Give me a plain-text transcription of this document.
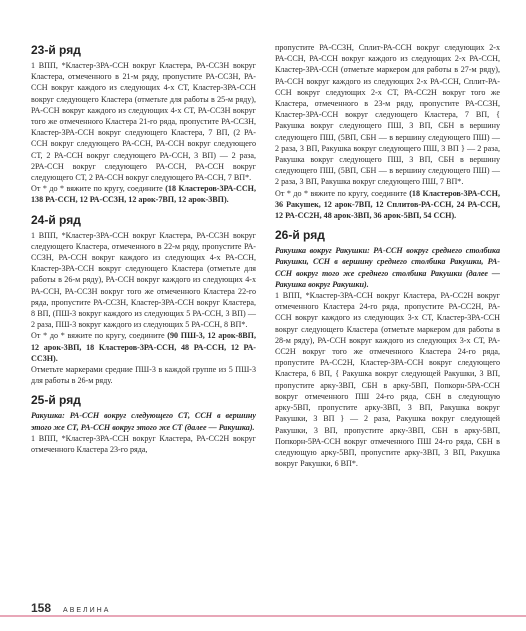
23-й ряд

1 ВПП, *Кластер-3РА-ССН вокруг Кластера, РА-СС3Н вокруг Кластера, отмеченного в 21-м ряду, пропустите РА-ССЗН, РА-ССН вокруг каждого из следующих 4-х СТ, Кластер-3РА-ССН вокруг следующего Кластера (отметьте для работы в 25-м ряду), РА-ССН вокруг каждого из следующих 4-х СТ, РА-СС3Н вокруг того же отмеченного Кластера 21-го ряда, пропустите РА-ССЗН, Кластер-3РА-ССН вокруг следующего Кластера, 7 ВП, (2 РА-ССН вокруг следующего РА-ССН, РА-ССН вокруг следующего СТ, 2 РА-ССН вокруг следующего РА-ССН, 3 ВП) — 2 раза, 2РА-ССН вокруг следующего РА-ССН, РА-ССН вокруг следующего СТ, 2 РА-ССН вокруг следующего РА-ССН, 7 ВП*.

От * до * вяжите по кругу, соедините (18 Кластеров-3РА-ССН, 138 РА-ССН, 12 РА-СС3Н, 12 арок-7ВП, 12 арок-3ВП).

24-й ряд

1 ВПП, *Кластер-3РА-ССН вокруг Кластера, РА-СС3Н вокруг следующего Кластера, отмеченного в 22-м ряду, пропустите РА-ССЗН, РА-ССН вокруг каждого из следующих 4-х РА-ССН, Кластер-3РА-ССН вокруг следующего Кластера (отметьте для работы в 26-м ряду), РА-ССН вокруг каждого из следующих 4-х РА-ССН, РА-СС3Н вокруг того же отмеченного Кластера 22-го ряда, пропустите РА-ССЗН, Кластер-3РА-ССН вокруг Кластера, 8 ВП, (ПШ-3 вокруг каждого из следующих 5 РА-ССН, 3 ВП) — 2 раза, ПШ-3 вокруг каждого из следующих 5 РА-ССН, 8 ВП*.

От * до * вяжите по кругу, соедините (90 ПШ-3, 12 арок-8ВП, 12 арок-3ВП, 18 Кластеров-3РА-ССН, 48 РА-ССН, 12 РА-СС3Н).

Отметьте маркерами средние ПШ-3 в каждой группе из 5 ПШ-3 для работы в 26-м ряду.

25-й ряд

Ракушка: РА-ССН вокруг следующего СТ, ССН в вершину этого же СТ, РА-ССН вокруг этого же СТ (далее — Ракушка).

1 ВПП, *Кластер-3РА-ССН вокруг Кластера, РА-СС2Н вокруг отмеченного Кластера 23-го ряда,

пропустите РА-ССЗН, Сплит-РА-ССН вокруг следующих 2-х РА-ССН, РА-ССН вокруг каждого из следующих 2-х РА-ССН, Кластер-3РА-ССН (отметьте маркером для работы в 27-м ряду), РА-ССН вокруг каждого из следующих 2-х РА-ССН, Сплит-РА-ССН вокруг следующих 2-х СТ, РА-СС2Н вокруг того же Кластера, отмеченного в 23-м ряду, пропустите РА-ССЗН, Кластер-3РА-ССН вокруг следующего Кластера, 7 ВП, { Ракушка вокруг следующего ПШ, 3 ВП, СБН в вершину следующего ПШ, (5ВП, СБН — в вершину следующего ПШ) — 2 раза, 3 ВП, Ракушка вокруг следующего ПШ, 3 ВП } — 2 раза, Ракушка вокруг следующего ПШ, 3 ВП, СБН в вершину следующего ПШ, (5ВП, СБН — в вершину следующего ПШ) — 2 раза, 3 ВП, Ракушка вокруг следующего ПШ, 7 ВП*.

От * до * вяжите по кругу, соедините (18 Кластеров-3РА-ССН, 36 Ракушек, 12 арок-7ВП, 12 Сплитов-РА-ССН, 24 РА-ССН, 12 РА-СС2Н, 48 арок-3ВП, 36 арок-5ВП, 54 ССН).

26-й ряд

Ракушка вокруг Ракушки: РА-ССН вокруг среднего столбика Ракушки, ССН в вершину среднего столбика Ракушки, РА-ССН вокруг того же среднего столбика Ракушки (далее — Ракушка вокруг Ракушки).

1 ВПП, *Кластер-3РА-ССН вокруг Кластера, РА-СС2Н вокруг отмеченного Кластера 24-го ряда, пропустите РА-СС2Н, РА-ССН вокруг каждого из следующих 3-х СТ, Кластер-3РА-ССН вокруг следующего Кластера (отметьте маркером для работы в 28-м ряду), РА-ССН вокруг каждого из следующих 3-х СТ, РА-СС2Н вокруг того же отмеченного Кластера 24-го ряда, пропустите РА-СС2Н, Кластер-3РА-ССН вокруг следующего Кластера, 6 ВП, { Ракушка вокруг следующей Ракушки, 3 ВП, пропустите арку-3ВП, СБН в арку-5ВП, Попкорн-5РА-ССН вокруг отмеченного ПШ 24-го ряда, СБН в следующую арку-5ВП, пропустите арку-3ВП, 3 ВП, Ракушка вокруг Ракушки, 3 ВП } — 2 раза, Ракушка вокруг следующей Ракушки, 3 ВП, пропустите арку-3ВП, СБН в арку-5ВП, Попкорн-5РА-ССН вокруг отмеченного ПШ 24-го ряда, СБН в следующую арку-5ВП, пропустите арку-3ВП, 3 ВП, Ракушка вокруг Ракушки, 6 ВП*.

158 АВЕЛИНА
